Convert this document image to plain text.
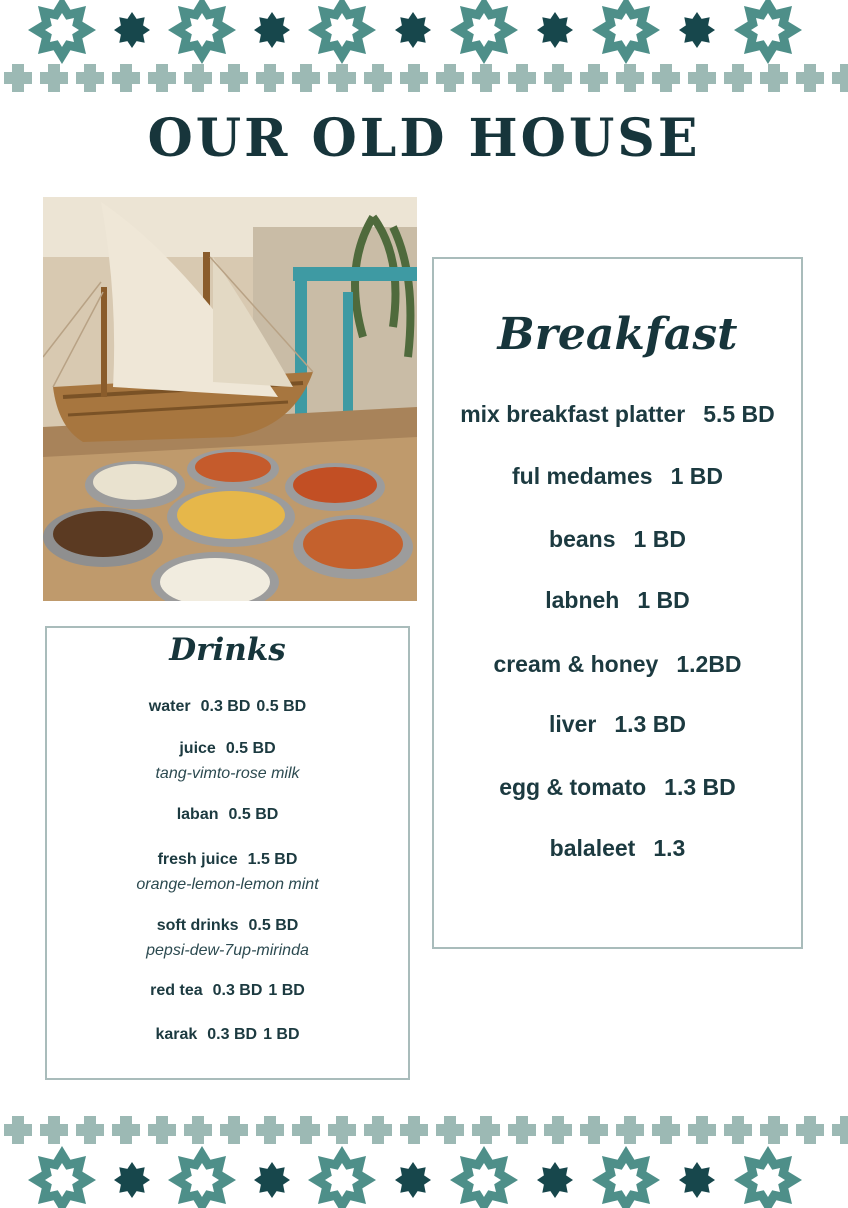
OUR OLD HOUSE
Breakfast
mix breakfast platter 5.5 BD
ful medames 1 BD
beans 1 BD
labneh 1 BD
cream & honey 1.2BD
liver 1.3 BD
egg & tomato 1.3 BD
balaleet 1.3
Drinks
water 0.3 BD 0.5 BD
juice 0.5 BD
tang-vimto-rose milk
laban 0.5 BD
fresh juice 1.5 BD
orange-lemon-lemon mint
soft drinks 0.5 BD
pepsi-dew-7up-mirinda
red tea 0.3 BD 1 BD
karak 0.3 BD 1 BD
